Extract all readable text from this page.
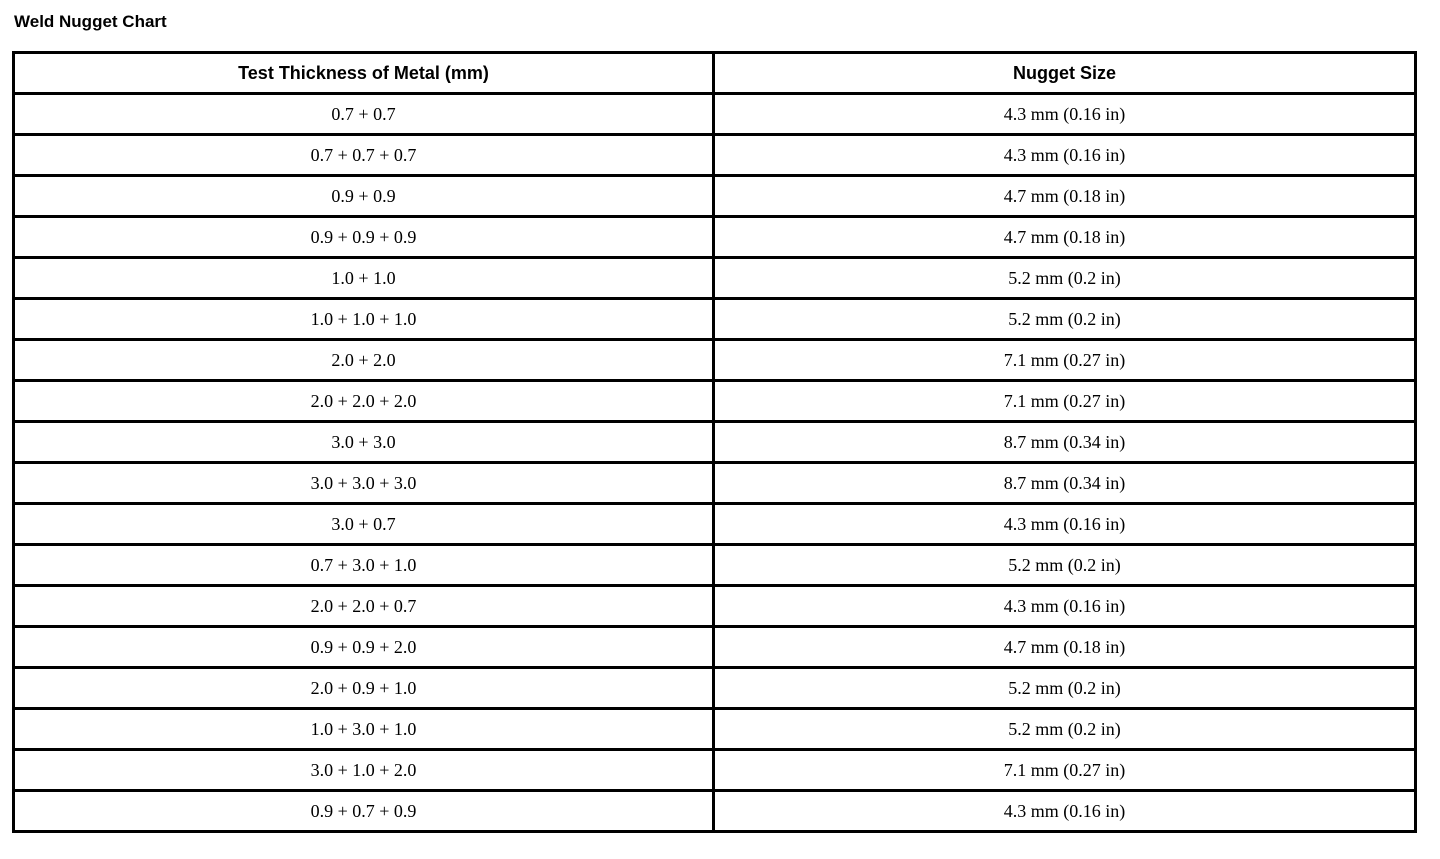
Weld Nugget Chart
Test Thickness of Metal (mm)	Nugget Size
0.7 + 0.7	4.3 mm (0.16 in)
0.7 + 0.7 + 0.7	4.3 mm (0.16 in)
0.9 + 0.9	4.7 mm (0.18 in)
0.9 + 0.9 + 0.9	4.7 mm (0.18 in)
1.0 + 1.0	5.2 mm (0.2 in)
1.0 + 1.0 + 1.0	5.2 mm (0.2 in)
2.0 + 2.0	7.1 mm (0.27 in)
2.0 + 2.0 + 2.0	7.1 mm (0.27 in)
3.0 + 3.0	8.7 mm (0.34 in)
3.0 + 3.0 + 3.0	8.7 mm (0.34 in)
3.0 + 0.7	4.3 mm (0.16 in)
0.7 + 3.0 + 1.0	5.2 mm (0.2 in)
2.0 + 2.0 + 0.7	4.3 mm (0.16 in)
0.9 + 0.9 + 2.0	4.7 mm (0.18 in)
2.0 + 0.9 + 1.0	5.2 mm (0.2 in)
1.0 + 3.0 + 1.0	5.2 mm (0.2 in)
3.0 + 1.0 + 2.0	7.1 mm (0.27 in)
0.9 + 0.7 + 0.9	4.3 mm (0.16 in)
